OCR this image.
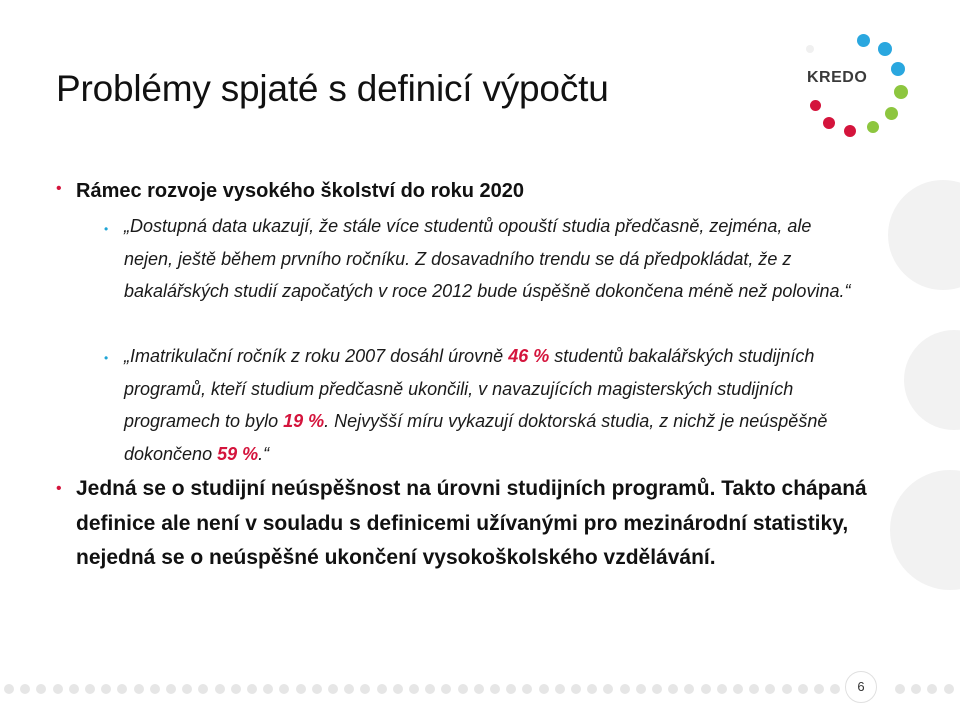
Problémy spjaté s definicí výpočtu	KREDO
• Rámec rozvoje vysokého školství do roku 2020
• „Dostupná data ukazují, že stále více studentů opouští studia předčasně, zejména, ale nejen, ještě během prvního ročníku. Z dosavadního trendu se dá předpokládat, že z bakalářských studií započatých v roce 2012 bude úspěšně dokončena méně než polovina.“
• „Imatrikulační ročník z roku 2007 dosáhl úrovně 46 % studentů bakalářských studijních programů, kteří studium předčasně ukončili, v navazujících magisterských studijních programech to bylo 19 %. Nejvyšší míru vykazují doktorská studia, z nichž je neúspěšně dokončeno 59 %.“
• Jedná se o studijní neúspěšnost na úrovni studijních programů. Takto chápaná definice ale není v souladu s definicemi užívanými pro mezinárodní statistiky, nejedná se o neúspěšné ukončení vysokoškolského vzdělávání.
6
